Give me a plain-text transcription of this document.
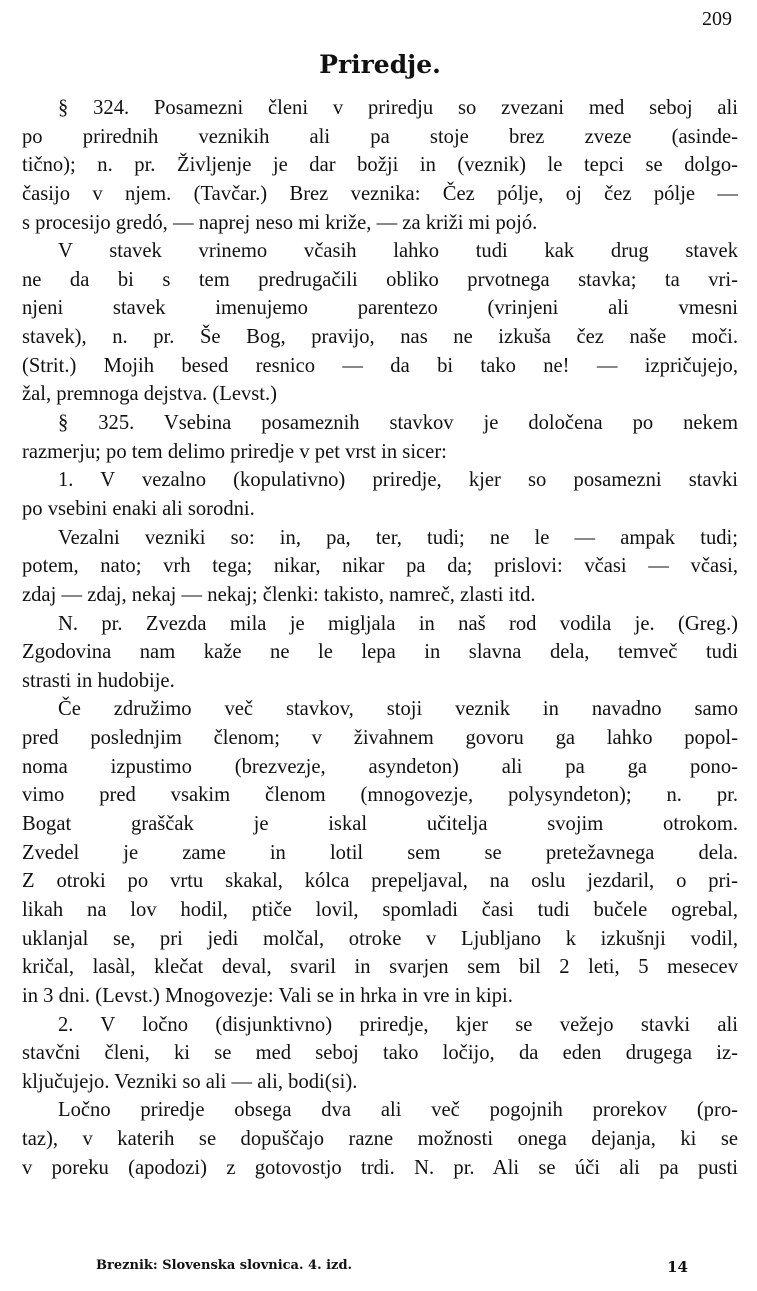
209
Priredje.
§ 324. Posamezni členi v priredju so zvezani med seboj ali
po prirednih veznikih ali pa stoje brez zveze (asinde-
tično); n. pr. Življenje je dar božji in (veznik) le tepci se dolgo-
časijo v njem. (Tavčar.) Brez veznika: Čez pólje, oj čez pólje —
s procesijo gredó, — naprej neso mi križe, — za križi mi pojó.
V stavek vrinemo včasih lahko tudi kak drug stavek
ne da bi s tem predrugačili obliko prvotnega stavka; ta vri-
njeni stavek imenujemo parentezo (vrinjeni ali vmesni
stavek), n. pr. Še Bog, pravijo, nas ne izkuša čez naše moči.
(Strit.) Mojih besed resnico — da bi tako ne! — izpričujejo,
žal, premnoga dejstva. (Levst.)
§ 325. Vsebina posameznih stavkov je določena po nekem
razmerju; po tem delimo priredje v pet vrst in sicer:
1. V vezalno (kopulativno) priredje, kjer so posamezni stavki
po vsebini enaki ali sorodni.
Vezalni vezniki so: in, pa, ter, tudi; ne le — ampak tudi;
potem, nato; vrh tega; nikar, nikar pa da; prislovi: včasi — včasi,
zdaj — zdaj, nekaj — nekaj; členki: takisto, namreč, zlasti itd.
N. pr. Zvezda mila je migljala in naš rod vodila je. (Greg.)
Zgodovina nam kaže ne le lepa in slavna dela, temveč tudi
strasti in hudobije.
Če združimo več stavkov, stoji veznik in navadno samo
pred poslednjim členom; v živahnem govoru ga lahko popol-
noma izpustimo (brezvezje, asyndeton) ali pa ga pono-
vimo pred vsakim členom (mnogovezje, polysyndeton); n. pr.
Bogat graščak je iskal učitelja svojim otrokom.
Zvedel je zame in lotil sem se pretežavnega dela.
Z otroki po vrtu skakal, kólca prepeljaval, na oslu jezdaril, o pri-
likah na lov hodil, ptiče lovil, spomladi časi tudi bučele ogrebal,
uklanjal se, pri jedi molčal, otroke v Ljubljano k izkušnji vodil,
kričal, lasàl, klečat deval, svaril in svarjen sem bil 2 leti, 5 mesecev
in 3 dni. (Levst.) Mnogovezje: Vali se in hrka in vre in kipi.
2. V ločno (disjunktivno) priredje, kjer se vežejo stavki ali
stavčni členi, ki se med seboj tako ločijo, da eden drugega iz-
ključujejo. Vezniki so ali — ali, bodi(si).
Ločno priredje obsega dva ali več pogojnih prorekov (pro-
taz), v katerih se dopuščajo razne možnosti onega dejanja, ki se
v poreku (apodozi) z gotovostjo trdi. N. pr. Ali se úči ali pa pusti
Breznik: Slovenska slovnica. 4. izd.	14
